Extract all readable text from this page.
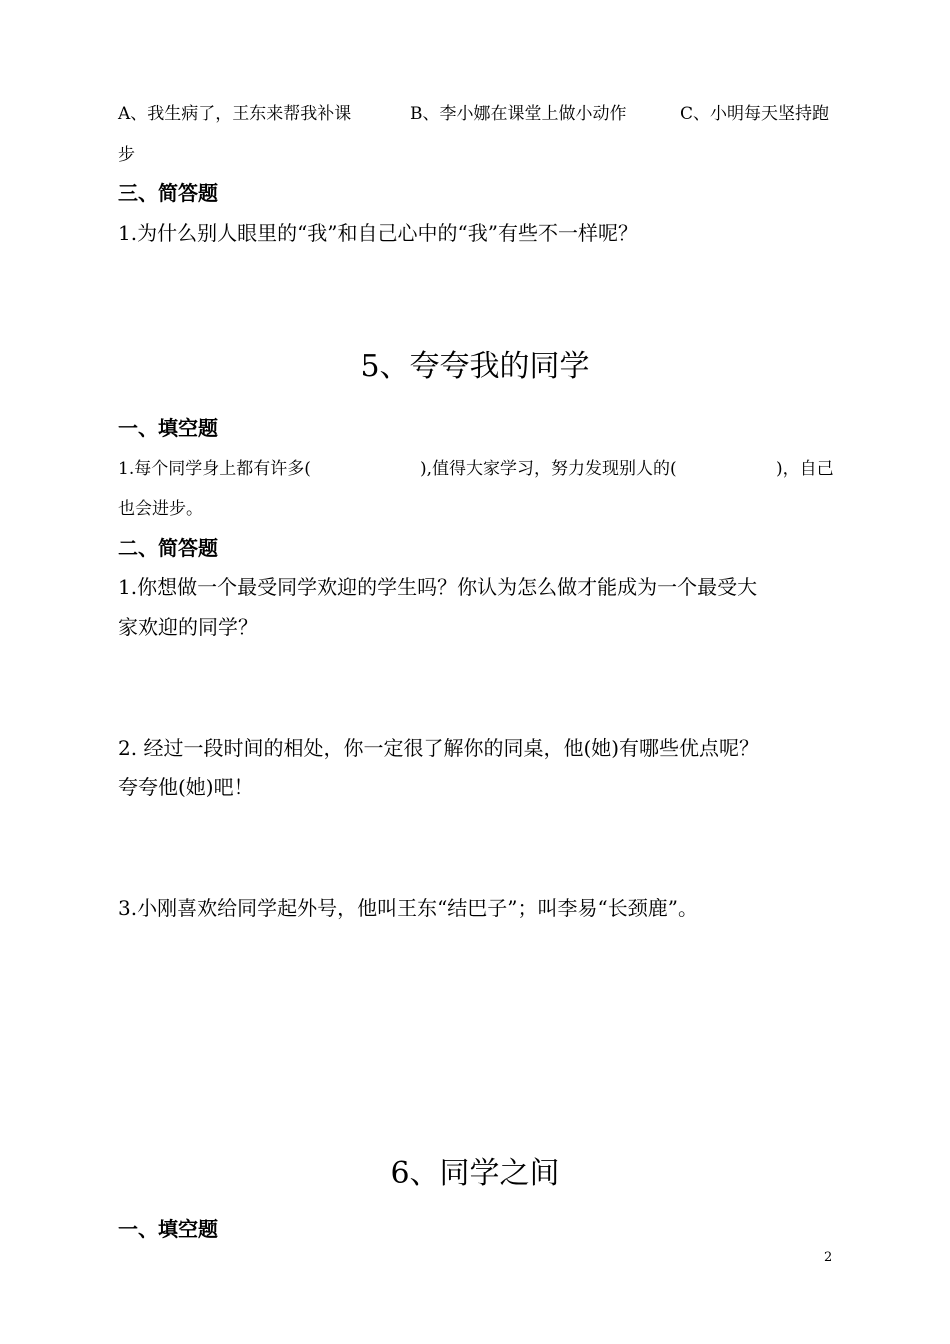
A、我生病了，王东来帮我补课	B、李小娜在课堂上做小动作	C、小明每天坚持跑
步
三、简答题
1.为什么别人眼里的“我”和自己心中的“我”有些不一样呢？
5、夸夸我的同学
一、填空题
1.每个同学身上都有许多(	),值得大家学习，努力发现别人的(	)，自己
也会进步。
二、简答题
1.你想做一个最受同学欢迎的学生吗？你认为怎么做才能成为一个最受大
家欢迎的同学？
2. 经过一段时间的相处，你一定很了解你的同桌，他(她)有哪些优点呢？
夸夸他(她)吧！
3.小刚喜欢给同学起外号，他叫王东“结巴子”；叫李易“长颈鹿”。
6、同学之间
一、填空题
2
